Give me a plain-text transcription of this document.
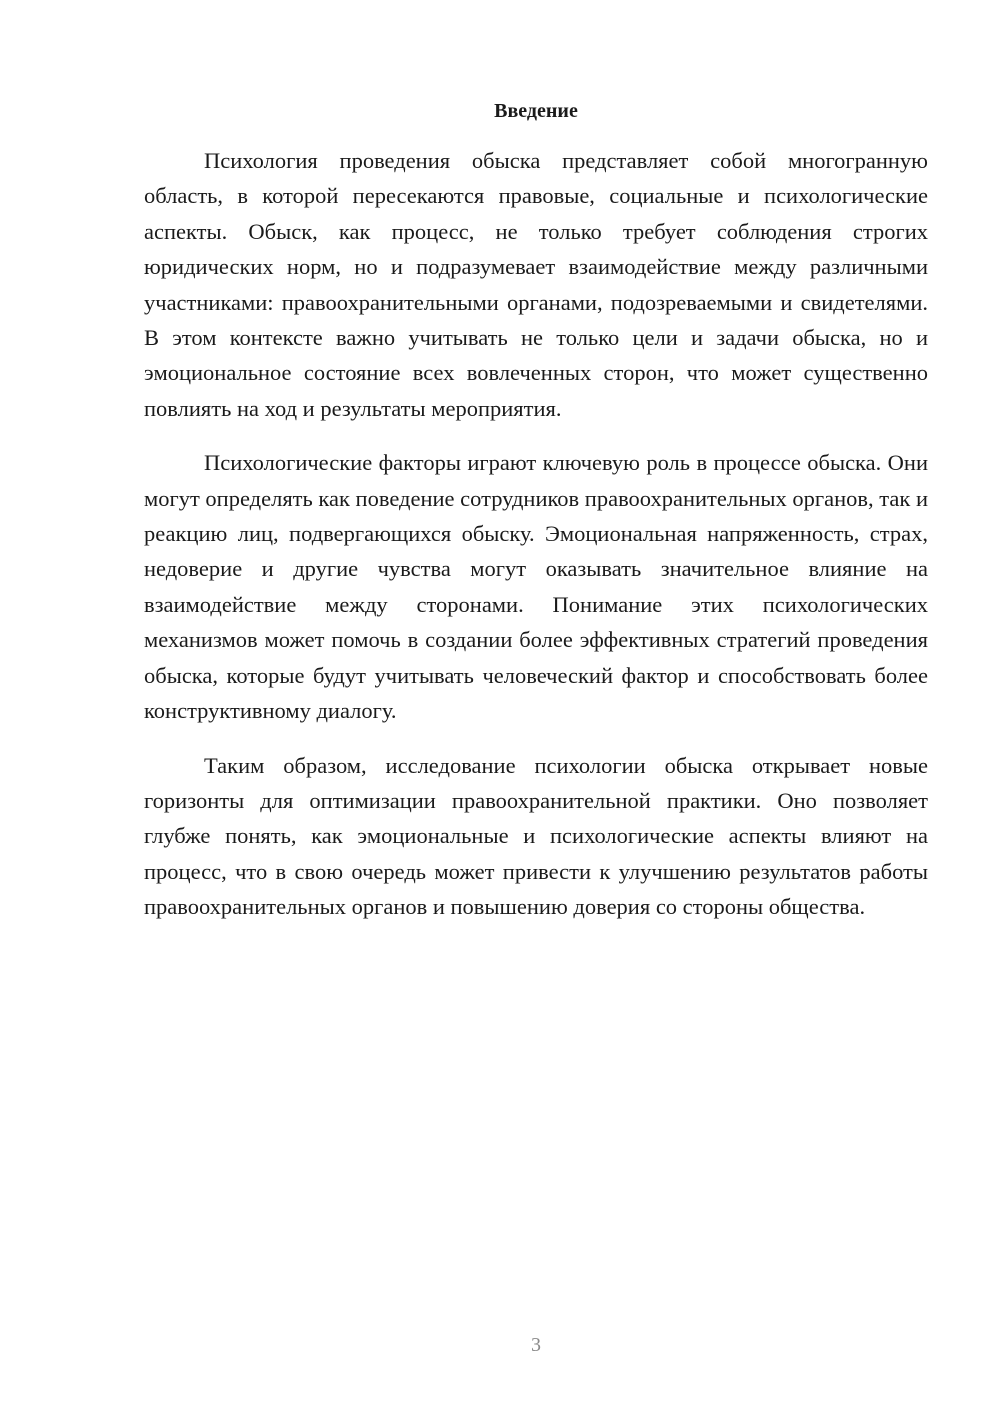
Введение

Психология проведения обыска представляет собой многогранную область, в которой пересекаются правовые, социальные и психологические аспекты. Обыск, как процесс, не только требует соблюдения строгих юридических норм, но и подразумевает взаимодействие между различными участниками: правоохранительными органами, подозреваемыми и свидетелями. В этом контексте важно учитывать не только цели и задачи обыска, но и эмоциональное состояние всех вовлеченных сторон, что может существенно повлиять на ход и результаты мероприятия.

Психологические факторы играют ключевую роль в процессе обыска. Они могут определять как поведение сотрудников правоохранительных органов, так и реакцию лиц, подвергающихся обыску. Эмоциональная напряженность, страх, недоверие и другие чувства могут оказывать значительное влияние на взаимодействие между сторонами. Понимание этих психологических механизмов может помочь в создании более эффективных стратегий проведения обыска, которые будут учитывать человеческий фактор и способствовать более конструктивному диалогу.

Таким образом, исследование психологии обыска открывает новые горизонты для оптимизации правоохранительной практики. Оно позволяет глубже понять, как эмоциональные и психологические аспекты влияют на процесс, что в свою очередь может привести к улучшению результатов работы правоохранительных органов и повышению доверия со стороны общества.

3
